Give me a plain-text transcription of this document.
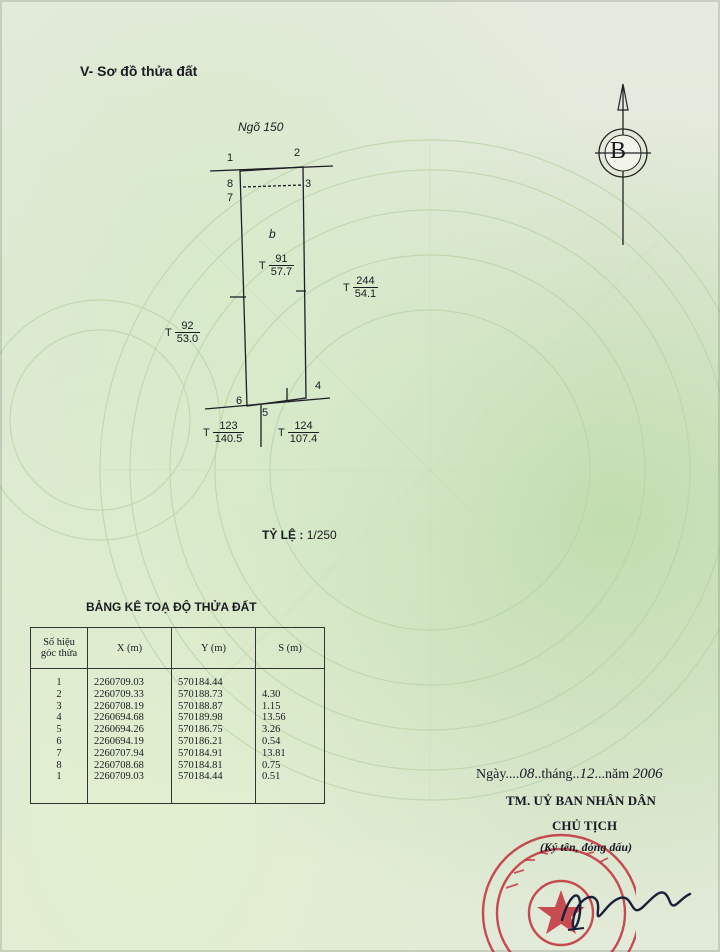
V- Sơ đồ thửa đất
B
Ngõ 150
1	2
3
4
5
6
7
8
b
T $\frac{91}{57.7}$
T $\frac{244}{54.1}$
T $\frac{92}{53.0}$
T $\frac{123}{140.5}$	T $\frac{124}{107.4}$
TỶ LỆ : 1/250
BẢNG KÊ TOẠ ĐỘ THỬA ĐẤT
Số hiệu góc thửa	X (m)	Y (m)	S (m)
1	2260709.03	570184.44	
2	2260709.33	570188.73	4.30
3	2260708.19	570188.87	1.15
4	2260694.68	570189.98	13.56
5	2260694.26	570186.75	3.26
6	2260694.19	570186.21	0.54
7	2260707.94	570184.91	13.81
8	2260708.68	570184.81	0.75
1	2260709.03	570184.44	0.51	Ngày....08..tháng..12...năm 2006
TM. UỶ BAN NHÂN DÂN
CHỦ TỊCH
(Ký tên, đóng dấu)
